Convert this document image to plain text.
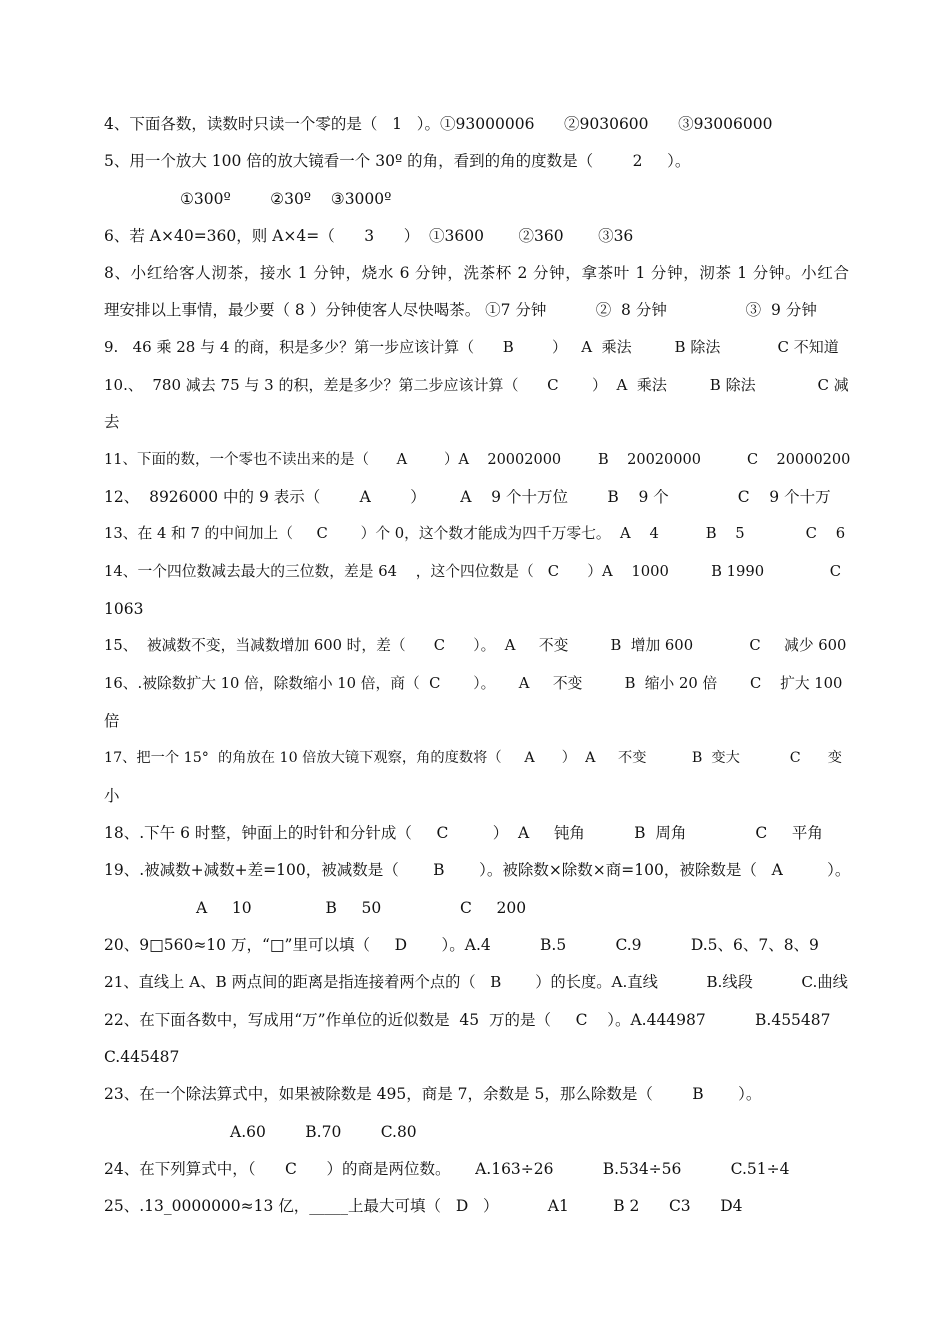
4、下面各数，读数时只读一个零的是（   1   ）。①93000006      ②9030600      ③93006000
5、用一个放大 100 倍的放大镜看一个 30º 的角，看到的角的度数是（        2     ）。
①300º        ②30º    ③3000º
6、若 A×40=360，则 A×4=（      3      ）  ①3600       ②360       ③36
8、小红给客人沏茶，接水 1 分钟，烧水 6 分钟，洗茶杯 2 分钟，拿茶叶 1 分钟，沏茶 1 分钟。小红合
理安排以上事情，最少要（ 8 ）分钟使客人尽快喝茶。 ①7 分钟          ②  8 分钟                ③  9 分钟
9.   46 乘 28 与 4 的商，积是多少？第一步应该计算（      B        ）   A  乘法         B 除法            C 不知道
10.、  780 减去 75 与 3 的积，差是多少？第二步应该计算（      C       ）  A  乘法         B 除法             C 减
去
11、下面的数，一个零也不读出来的是（      A        ）A    20002000        B    20020000          C    20000200
12、  8926000 中的 9 表示（        A        ）       A    9 个十万位        B    9 个              C    9 个十万
13、在 4 和 7 的中间加上（     C       ）个 0，这个数才能成为四千万零七。  A    4          B    5             C    6
14、一个四位数减去最大的三位数，差是 64    ，这个四位数是（   C      ）A    1000         B 1990              C
1063
15、  被减数不变，当减数增加 600 时，差（      C      ）。  A     不变         B  增加 600            C     减少 600
16、.被除数扩大 10 倍，除数缩小 10 倍，商（  C       ）。     A     不变         B  缩小 20 倍       C    扩大 100
倍
17、把一个 15°  的角放在 10 倍放大镜下观察，角的度数将（     A      ）  A     不变          B  变大           C      变
小
18、.下午 6 时整，钟面上的时针和分针成（     C         ）  A     钝角          B  周角              C     平角
19、.被减数+减数+差=100，被减数是（       B       ）。被除数×除数×商=100，被除数是（   A         ）。
A     10               B     50                C     200
20、9□560≈10 万，“□”里可以填（     D       ）。A.4          B.5          C.9          D.5、6、7、8、9
21、直线上 A、B 两点间的距离是指连接着两个点的（   B       ）的长度。A.直线          B.线段          C.曲线
22、在下面各数中，写成用“万”作单位的近似数是  45  万的是（     C    ）。A.444987          B.455487
C.445487
23、在一个除法算式中，如果被除数是 495，商是 7，余数是 5，那么除数是（        B       ）。
A.60        B.70        C.80
24、在下列算式中，（      C      ）的商是两位数。     A.163÷26          B.534÷56          C.51÷4
25、.13_0000000≈13 亿，_____上最大可填（   D   ）          A1         B 2      C3      D4
